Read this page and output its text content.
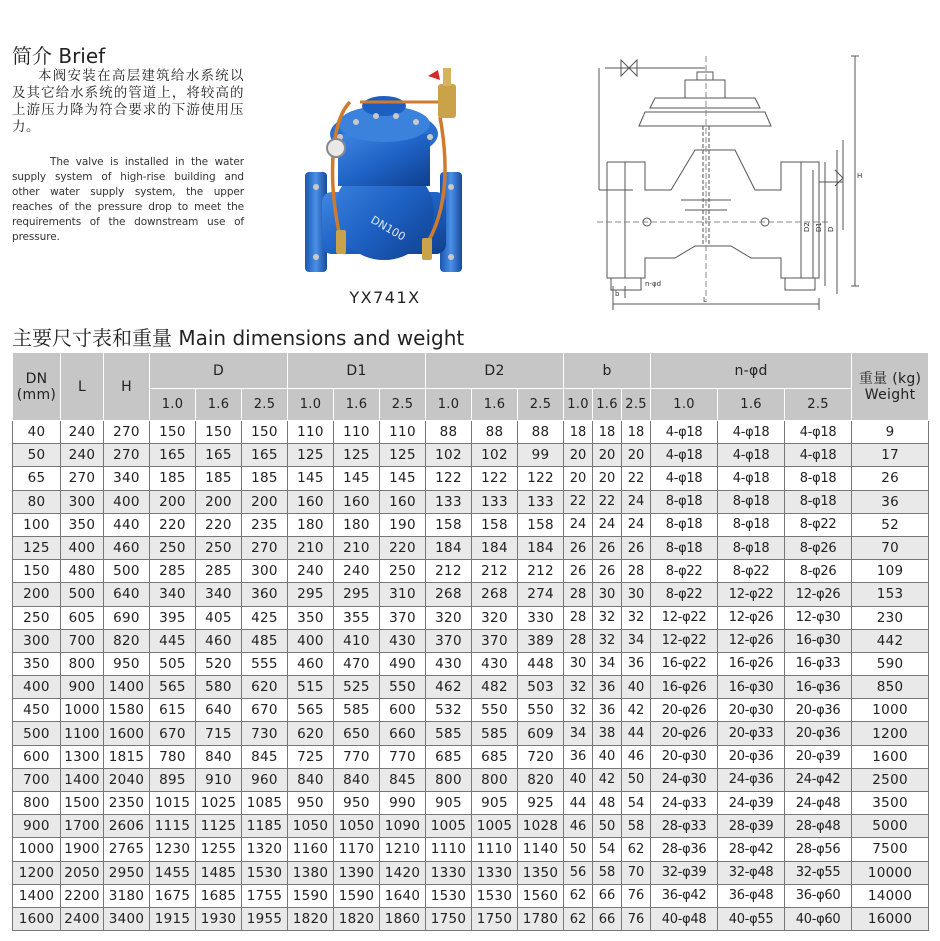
简介 Brief

本阀安装在高层建筑给水系统以及其它给水系统的管道上，将较高的上游压力降为符合要求的下游使用压力。

The valve is installed in the water supply system of high-rise building and other water supply system, the upper reaches of the pressure drop to meet the requirements of the downstream use of pressure.	DN100
YX741X
H
D2 D1 D
L
b
n-φd
主要尺寸表和重量 Main dimensions and weight
DN
(mm)	L	H	D			D1			D2			b			n-φd			重量 (kg)
Weight
			1.0	1.6	2.5	1.0	1.6	2.5	1.0	1.6	2.5	1.0	1.6	2.5	1.0	1.6	2.5	
40	240	270	150	150	150	110	110	110	88	88	88	18	18	18	4-φ18	4-φ18	4-φ18	9
50	240	270	165	165	165	125	125	125	102	102	99	20	20	20	4-φ18	4-φ18	4-φ18	17
65	270	340	185	185	185	145	145	145	122	122	122	20	20	22	4-φ18	4-φ18	8-φ18	26
80	300	400	200	200	200	160	160	160	133	133	133	22	22	24	8-φ18	8-φ18	8-φ18	36
100	350	440	220	220	235	180	180	190	158	158	158	24	24	24	8-φ18	8-φ18	8-φ22	52
125	400	460	250	250	270	210	210	220	184	184	184	26	26	26	8-φ18	8-φ18	8-φ26	70
150	480	500	285	285	300	240	240	250	212	212	212	26	26	28	8-φ22	8-φ22	8-φ26	109
200	500	640	340	340	360	295	295	310	268	268	274	28	30	30	8-φ22	12-φ22	12-φ26	153
250	605	690	395	405	425	350	355	370	320	320	330	28	32	32	12-φ22	12-φ26	12-φ30	230
300	700	820	445	460	485	400	410	430	370	370	389	28	32	34	12-φ22	12-φ26	16-φ30	442
350	800	950	505	520	555	460	470	490	430	430	448	30	34	36	16-φ22	16-φ26	16-φ33	590
400	900	1400	565	580	620	515	525	550	462	482	503	32	36	40	16-φ26	16-φ30	16-φ36	850
450	1000	1580	615	640	670	565	585	600	532	550	550	32	36	42	20-φ26	20-φ30	20-φ36	1000
500	1100	1600	670	715	730	620	650	660	585	585	609	34	38	44	20-φ26	20-φ33	20-φ36	1200
600	1300	1815	780	840	845	725	770	770	685	685	720	36	40	46	20-φ30	20-φ36	20-φ39	1600
700	1400	2040	895	910	960	840	840	845	800	800	820	40	42	50	24-φ30	24-φ36	24-φ42	2500
800	1500	2350	1015	1025	1085	950	950	990	905	905	925	44	48	54	24-φ33	24-φ39	24-φ48	3500
900	1700	2606	1115	1125	1185	1050	1050	1090	1005	1005	1028	46	50	58	28-φ33	28-φ39	28-φ48	5000
1000	1900	2765	1230	1255	1320	1160	1170	1210	1110	1110	1140	50	54	62	28-φ36	28-φ42	28-φ56	7500
1200	2050	2950	1455	1485	1530	1380	1390	1420	1330	1330	1350	56	58	70	32-φ39	32-φ48	32-φ55	10000
1400	2200	3180	1675	1685	1755	1590	1590	1640	1530	1530	1560	62	66	76	36-φ42	36-φ48	36-φ60	14000
1600	2400	3400	1915	1930	1955	1820	1820	1860	1750	1750	1780	62	66	76	40-φ48	40-φ55	40-φ60	16000
